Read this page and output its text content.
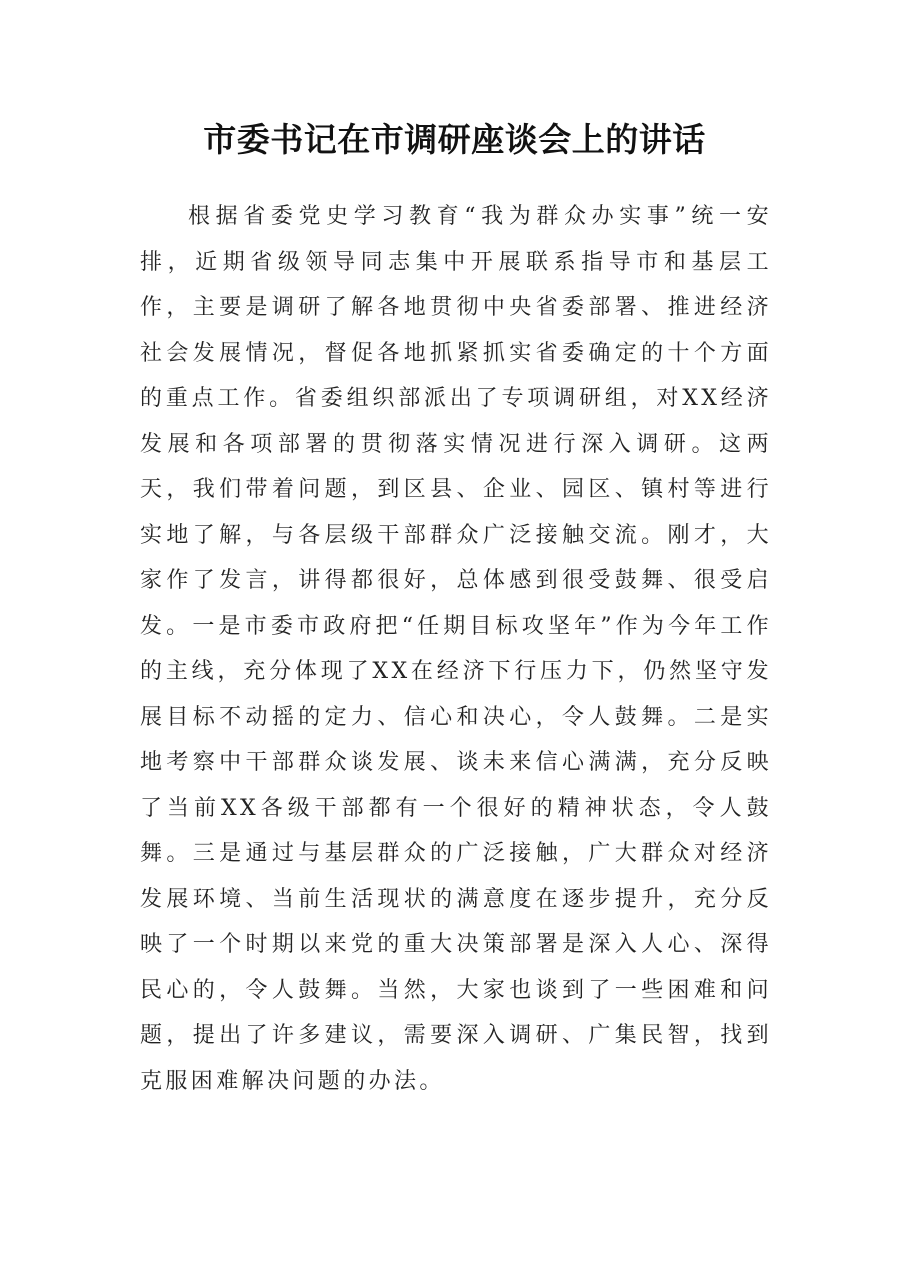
市委书记在市调研座谈会上的讲话

根据省委党史学习教育“我为群众办实事”统一安排，近期省级领导同志集中开展联系指导市和基层工作，主要是调研了解各地贯彻中央省委部署、推进经济社会发展情况，督促各地抓紧抓实省委确定的十个方面的重点工作。省委组织部派出了专项调研组，对XX经济发展和各项部署的贯彻落实情况进行深入调研。这两天，我们带着问题，到区县、企业、园区、镇村等进行实地了解，与各层级干部群众广泛接触交流。刚才，大家作了发言，讲得都很好，总体感到很受鼓舞、很受启发。一是市委市政府把“任期目标攻坚年”作为今年工作的主线，充分体现了XX在经济下行压力下，仍然坚守发展目标不动摇的定力、信心和决心，令人鼓舞。二是实地考察中干部群众谈发展、谈未来信心满满，充分反映了当前XX各级干部都有一个很好的精神状态，令人鼓舞。三是通过与基层群众的广泛接触，广大群众对经济发展环境、当前生活现状的满意度在逐步提升，充分反映了一个时期以来党的重大决策部署是深入人心、深得民心的，令人鼓舞。当然，大家也谈到了一些困难和问题，提出了许多建议，需要深入调研、广集民智，找到克服困难解决问题的办法。
